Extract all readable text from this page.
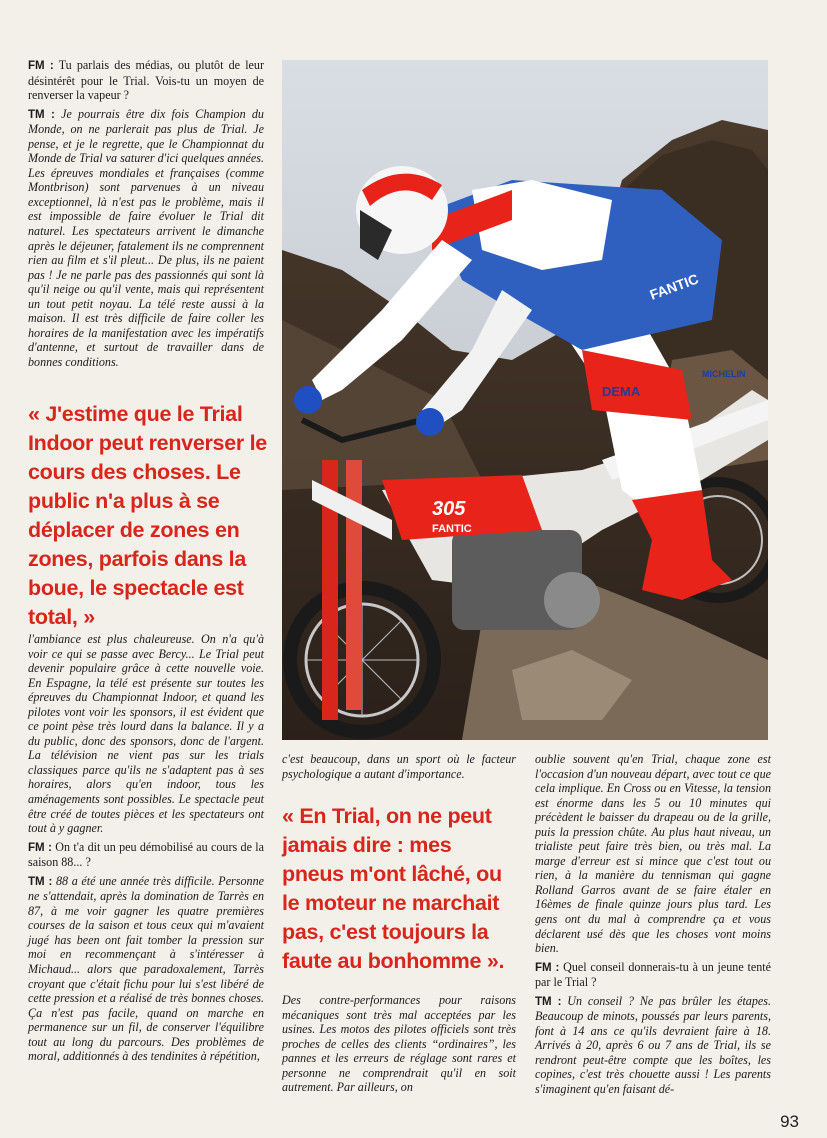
FM : Tu parlais des médias, ou plutôt de leur désintérêt pour le Trial. Vois-tu un moyen de renverser la vapeur ?

TM : Je pourrais être dix fois Champion du Monde, on ne parlerait pas plus de Trial. Je pense, et je le regrette, que le Championnat du Monde de Trial va saturer d'ici quelques années. Les épreuves mondiales et françaises (comme Montbrison) sont parvenues à un niveau exceptionnel, là n'est pas le problème, mais il est impossible de faire évoluer le Trial dit naturel. Les spectateurs arrivent le dimanche après le déjeuner, fatalement ils ne comprennent rien au film et s'il pleut... De plus, ils ne paient pas ! Je ne parle pas des passionnés qui sont là qu'il neige ou qu'il vente, mais qui représentent un tout petit noyau. La télé reste aussi à la maison. Il est très difficile de faire coller les horaires de la manifestation avec les impératifs d'antenne, et surtout de travailler dans de bonnes conditions.

« J'estime que le Trial Indoor peut renverser le cours des choses. Le public n'a plus à se déplacer de zones en zones, parfois dans la boue, le spectacle est total, »

l'ambiance est plus chaleureuse. On n'a qu'à voir ce qui se passe avec Bercy... Le Trial peut devenir populaire grâce à cette nouvelle voie. En Espagne, la télé est présente sur toutes les épreuves du Championnat Indoor, et quand les pilotes vont voir les sponsors, il est évident que ce point pèse très lourd dans la balance. Il y a du public, donc des sponsors, donc de l'argent. La télévision ne vient pas sur les trials classiques parce qu'ils ne s'adaptent pas à ses horaires, alors qu'en indoor, tous les aménagements sont possibles. Le spectacle peut être créé de toutes pièces et les spectateurs ont tout à y gagner.

FM : On t'a dit un peu démobilisé au cours de la saison 88... ?

TM : 88 a été une année très difficile. Personne ne s'attendait, après la domination de Tarrès en 87, à me voir gagner les quatre premières courses de la saison et tous ceux qui m'avaient jugé has been ont fait tomber la pression sur moi en recommençant à s'intéresser à Michaud... alors que paradoxalement, Tarrès croyant que c'était fichu pour lui s'est libéré de cette pression et a réalisé de très bonnes choses. Ça n'est pas facile, quand on marche en permanence sur un fil, de conserver l'équilibre tout au long du parcours. Des problèmes de moral, additionnés à des tendinites à répétition,

305
FANTIC
MICHELIN
DEMA
FANTIC

c'est beaucoup, dans un sport où le facteur psychologique a autant d'importance.

« En Trial, on ne peut jamais dire : mes pneus m'ont lâché, ou le moteur ne marchait pas, c'est toujours la faute au bonhomme ».

Des contre-performances pour raisons mécaniques sont très mal acceptées par les usines. Les motos des pilotes officiels sont très proches de celles des clients “ordinaires”, les pannes et les erreurs de réglage sont rares et personne ne comprendrait qu'il en soit autrement. Par ailleurs, on

oublie souvent qu'en Trial, chaque zone est l'occasion d'un nouveau départ, avec tout ce que cela implique. En Cross ou en Vitesse, la tension est énorme dans les 5 ou 10 minutes qui précèdent le baisser du drapeau ou de la grille, puis la pression chûte. Au plus haut niveau, un trialiste peut faire très bien, ou très mal. La marge d'erreur est si mince que c'est tout ou rien, à la manière du tennisman qui gagne Rolland Garros avant de se faire étaler en 16èmes de finale quinze jours plus tard. Les gens ont du mal à comprendre ça et vous déclarent usé dès que les choses vont moins bien.

FM : Quel conseil donnerais-tu à un jeune tenté par le Trial ?

TM : Un conseil ? Ne pas brûler les étapes. Beaucoup de minots, poussés par leurs parents, font à 14 ans ce qu'ils devraient faire à 18. Arrivés à 20, après 6 ou 7 ans de Trial, ils se rendront peut-être compte que les boîtes, les copines, c'est très chouette aussi ! Les parents s'imaginent qu'en faisant dé-

93
